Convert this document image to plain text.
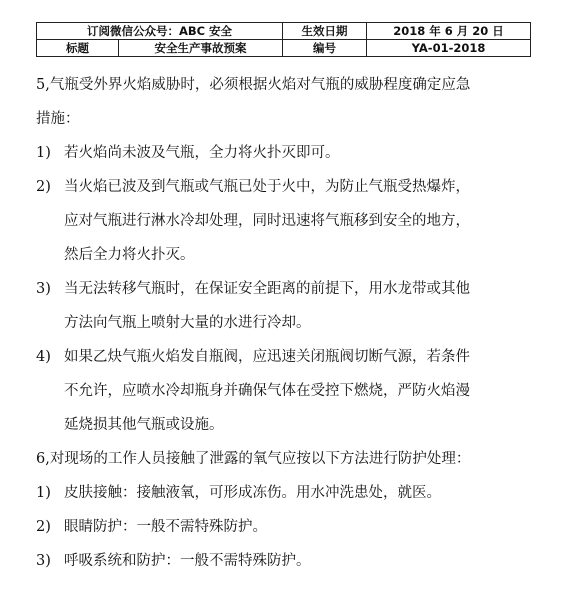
订阅微信公众号：ABC 安全		生效日期	2018 年 6 月 20 日
标题	安全生产事故预案	编号	YA-01-2018

5,气瓶受外界火焰威胁时，必须根据火焰对气瓶的威胁程度确定应急

措施：

1) 若火焰尚未波及气瓶，全力将火扑灭即可。
2) 当火焰已波及到气瓶或气瓶已处于火中，为防止气瓶受热爆炸，
应对气瓶进行淋水冷却处理，同时迅速将气瓶移到安全的地方，
然后全力将火扑灭。
3) 当无法转移气瓶时，在保证安全距离的前提下，用水龙带或其他
方法向气瓶上喷射大量的水进行冷却。
4) 如果乙炔气瓶火焰发自瓶阀，应迅速关闭瓶阀切断气源，若条件
不允许，应喷水冷却瓶身并确保气体在受控下燃烧，严防火焰漫
延烧损其他气瓶或设施。

6,对现场的工作人员接触了泄露的氧气应按以下方法进行防护处理：

1) 皮肤接触：接触液氧，可形成冻伤。用水冲洗患处，就医。
2) 眼睛防护：一般不需特殊防护。
3) 呼吸系统和防护：一般不需特殊防护。
